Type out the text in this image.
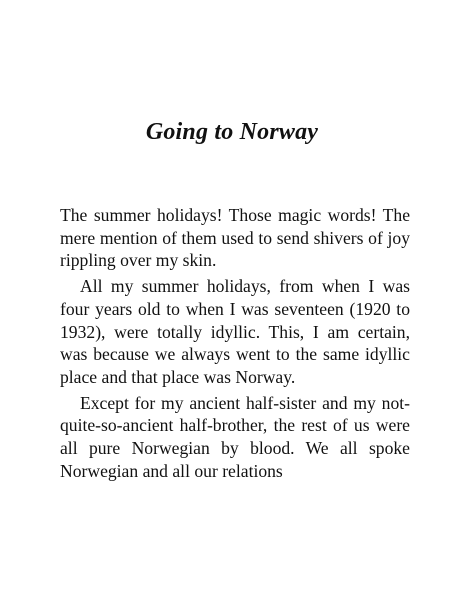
Going to Norway

The summer holidays! Those magic words! The mere mention of them used to send shivers of joy rippling over my skin.

All my summer holidays, from when I was four years old to when I was seventeen (1920 to 1932), were totally idyllic. This, I am certain, was because we always went to the same idyllic place and that place was Norway.

Except for my ancient half-sister and my not-quite-so-ancient half-brother, the rest of us were all pure Norwegian by blood. We all spoke Norwegian and all our relations
